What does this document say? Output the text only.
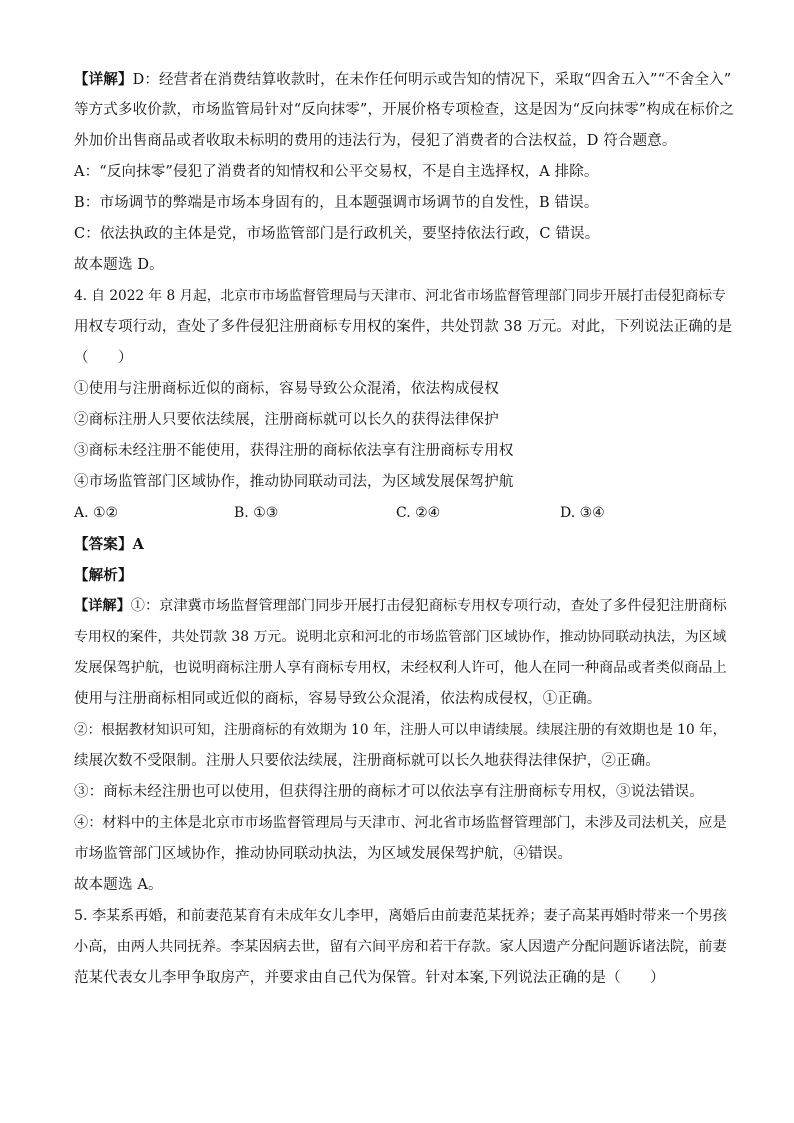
【详解】D：经营者在消费结算收款时，在未作任何明示或告知的情况下，采取“四舍五入”“不舍全入”
等方式多收价款，市场监管局针对“反向抹零”，开展价格专项检查，这是因为“反向抹零”构成在标价之
外加价出售商品或者收取未标明的费用的违法行为，侵犯了消费者的合法权益，D 符合题意。
A：“反向抹零”侵犯了消费者的知情权和公平交易权，不是自主选择权，A 排除。
B：市场调节的弊端是市场本身固有的，且本题强调市场调节的自发性，B 错误。
C：依法执政的主体是党，市场监管部门是行政机关，要坚持依法行政，C 错误。
故本题选 D。
4. 自 2022 年 8 月起，北京市市场监督管理局与天津市、河北省市场监督管理部门同步开展打击侵犯商标专
用权专项行动，查处了多件侵犯注册商标专用权的案件，共处罚款 38 万元。对此，下列说法正确的是
（　　）
①使用与注册商标近似的商标，容易导致公众混淆，依法构成侵权
②商标注册人只要依法续展，注册商标就可以长久的获得法律保护
③商标未经注册不能使用，获得注册的商标依法享有注册商标专用权
④市场监管部门区域协作，推动协同联动司法，为区域发展保驾护航
A. ①②	B. ①③	C. ②④	D. ③④
【答案】A
【解析】
【详解】①：京津冀市场监督管理部门同步开展打击侵犯商标专用权专项行动，查处了多件侵犯注册商标
专用权的案件，共处罚款 38 万元。说明北京和河北的市场监管部门区域协作，推动协同联动执法，为区域
发展保驾护航，也说明商标注册人享有商标专用权，未经权利人许可，他人在同一种商品或者类似商品上
使用与注册商标相同或近似的商标，容易导致公众混淆，依法构成侵权，①正确。
②：根据教材知识可知，注册商标的有效期为 10 年，注册人可以申请续展。续展注册的有效期也是 10 年，
续展次数不受限制。注册人只要依法续展，注册商标就可以长久地获得法律保护，②正确。
③：商标未经注册也可以使用，但获得注册的商标才可以依法享有注册商标专用权，③说法错误。
④：材料中的主体是北京市市场监督管理局与天津市、河北省市场监督管理部门，未涉及司法机关，应是
市场监管部门区域协作，推动协同联动执法，为区域发展保驾护航，④错误。
故本题选 A。
5. 李某系再婚，和前妻范某育有未成年女儿李甲，离婚后由前妻范某抚养；妻子高某再婚时带来一个男孩
小高，由两人共同抚养。李某因病去世，留有六间平房和若干存款。家人因遗产分配问题诉诸法院，前妻
范某代表女儿李甲争取房产，并要求由自己代为保管。针对本案,下列说法正确的是（　　）
